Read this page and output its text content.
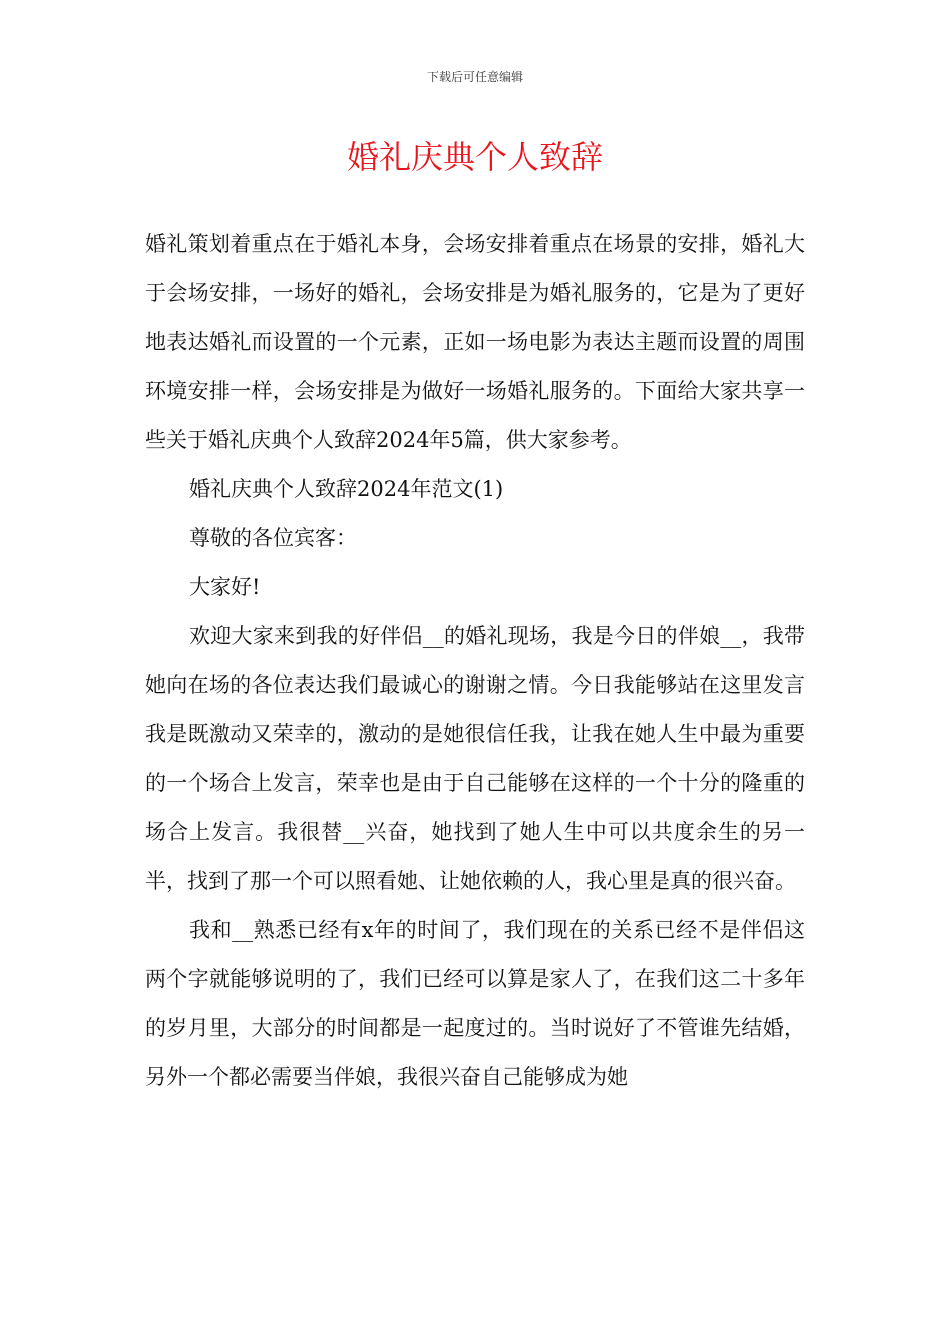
下载后可任意编辑
婚礼庆典个人致辞

婚礼策划着重点在于婚礼本身，会场安排着重点在场景的安排，婚礼大于会场安排，一场好的婚礼，会场安排是为婚礼服务的，它是为了更好地表达婚礼而设置的一个元素，正如一场电影为表达主题而设置的周围环境安排一样，会场安排是为做好一场婚礼服务的。下面给大家共享一些关于婚礼庆典个人致辞2024年5篇，供大家参考。

婚礼庆典个人致辞2024年范文(1)

尊敬的各位宾客：

大家好!

欢迎大家来到我的好伴侣__的婚礼现场，我是今日的伴娘__，我带她向在场的各位表达我们最诚心的谢谢之情。今日我能够站在这里发言我是既激动又荣幸的，激动的是她很信任我，让我在她人生中最为重要的一个场合上发言，荣幸也是由于自己能够在这样的一个十分的隆重的场合上发言。我很替__兴奋，她找到了她人生中可以共度余生的另一半，找到了那一个可以照看她、让她依赖的人，我心里是真的很兴奋。

我和__熟悉已经有x年的时间了，我们现在的关系已经不是伴侣这两个字就能够说明的了，我们已经可以算是家人了，在我们这二十多年的岁月里，大部分的时间都是一起度过的。当时说好了不管谁先结婚，另外一个都必需要当伴娘，我很兴奋自己能够成为她
